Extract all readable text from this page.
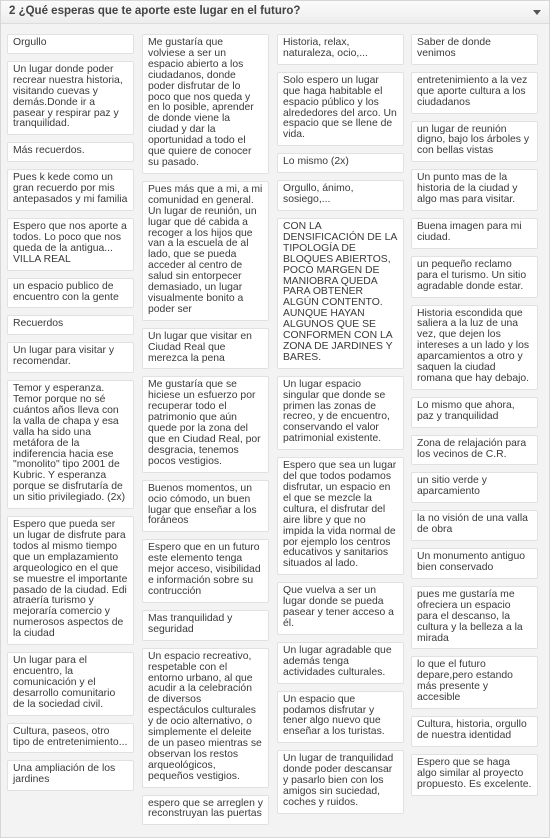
2 ¿Qué esperas que te aporte este lugar en el futuro?
Orgullo
Un lugar donde poder recrear nuestra historia, visitando cuevas y demás.Donde ir a pasear y respirar paz y tranquilidad.
Más recuerdos.
Pues k kede como un gran recuerdo por mis antepasados y mi familia
Espero que nos aporte a todos. Lo poco que nos queda de la antigua... VILLA REAL
un espacio publico de encuentro con la gente
Recuerdos
Un lugar para visitar y recomendar.
Temor y esperanza. Temor porque no sé cuántos años lleva con la valla de chapa y esa valla ha sido una metáfora de la indiferencia hacia ese "monolito" tipo 2001 de Kubric. Y esperanza porque se disfrutaría de un sitio privilegiado. (2x)
Espero que pueda ser un lugar de disfrute para todos al mismo tiempo que un emplazamiento arqueologico en el que se muestre el importante pasado de la ciudad. Edi atraería turismo y mejoraría comercio y numerosos aspectos de la ciudad
Un lugar para el encuentro, la comunicación y el desarrollo comunitario de la sociedad civil.
Cultura, paseos, otro tipo de entretenimiento...
Una ampliación de los jardines
Me gustaría que volviese a ser un espacio abierto a los ciudadanos, donde poder disfrutar de lo poco que nos queda y en lo posible, aprender de donde viene la ciudad y dar la oportunidad a todo el que quiere de conocer su pasado.
Pues más que a mi, a mi comunidad en general. Un lugar de reunión, un lugar que dé cabida a recoger a los hijos que van a la escuela de al lado, que se pueda acceder al centro de salud sin entorpecer demasiado, un lugar visualmente bonito a poder ser
Un lugar que visitar en Ciudad Real que merezca la pena
Me gustaría que se hiciese un esfuerzo por recuperar todo el patrimonio que aún quede por la zona del que en Ciudad Real, por desgracia, tenemos pocos vestigios.
Buenos momentos, un ocio cómodo, un buen lugar que enseñar a los foráneos
Espero que en un futuro este elemento tenga mejor acceso, visibilidad e información sobre su contrucción
Mas tranquilidad y seguridad
Un espacio recreativo, respetable con el entorno urbano, al que acudir a la celebración de diversos espectáculos culturales y de ocio alternativo, o simplemente el deleite de un paseo mientras se observan los restos arqueológicos, pequeños vestigios.
espero que se arreglen y reconstruyan las puertas
Historia, relax, naturaleza, ocio,...
Solo espero un lugar que haga habitable el espacio público y los alrededores del arco. Un espacio que se llene de vida.
Lo mismo (2x)
Orgullo, ánimo, sosiego,...
CON LA DENSIFICACIÓN DE LA TIPOLOGÍA DE BLOQUES ABIERTOS, POCO MARGEN DE MANIOBRA QUEDA PARA OBTENER ALGÚN CONTENTO. AUNQUE HAYAN ALGUNOS QUE SE CONFORMEN CON LA ZONA DE JARDINES Y BARES.
Un lugar espacio singular que donde se primen las zonas de recreo, y de encuentro, conservando el valor patrimonial existente.
Espero que sea un lugar del que todos podamos disfrutar, un espacio en el que se mezcle la cultura, el disfrutar del aire libre y que no impida la vida normal de por ejemplo los centros educativos y sanitarios situados al lado.
Que vuelva a ser un lugar donde se pueda pasear y tener acceso a él.
Un lugar agradable que además tenga actividades culturales.
Un espacio que podamos disfrutar y tener algo nuevo que enseñar a los turistas.
Un lugar de tranquilidad donde poder descansar y pasarlo bien con los amigos sin suciedad, coches y ruidos.
Saber de donde venimos
entretenimiento a la vez que aporte cultura a los ciudadanos
un lugar de reunión digno, bajo los árboles y con bellas vistas
Un punto mas de la historia de la ciudad y algo mas para visitar.
Buena imagen para mi ciudad.
un pequeño reclamo para el turismo. Un sitio agradable donde estar.
Historia escondida que saliera a la luz de una vez, que dejen los intereses a un lado y los aparcamientos a otro y saquen la ciudad romana que hay debajo.
Lo mismo que ahora, paz y tranquilidad
Zona de relajación para los vecinos de C.R.
un sitio verde y aparcamiento
la no visión de una valla de obra
Un monumento antiguo bien conservado
pues me gustaría me ofreciera un espacio para el descanso, la cultura y la belleza a la mirada
lo que el futuro depare,pero estando más presente y accesible
Cultura, historia, orgullo de nuestra identidad
Espero que se haga algo similar al proyecto propuesto. Es excelente.
